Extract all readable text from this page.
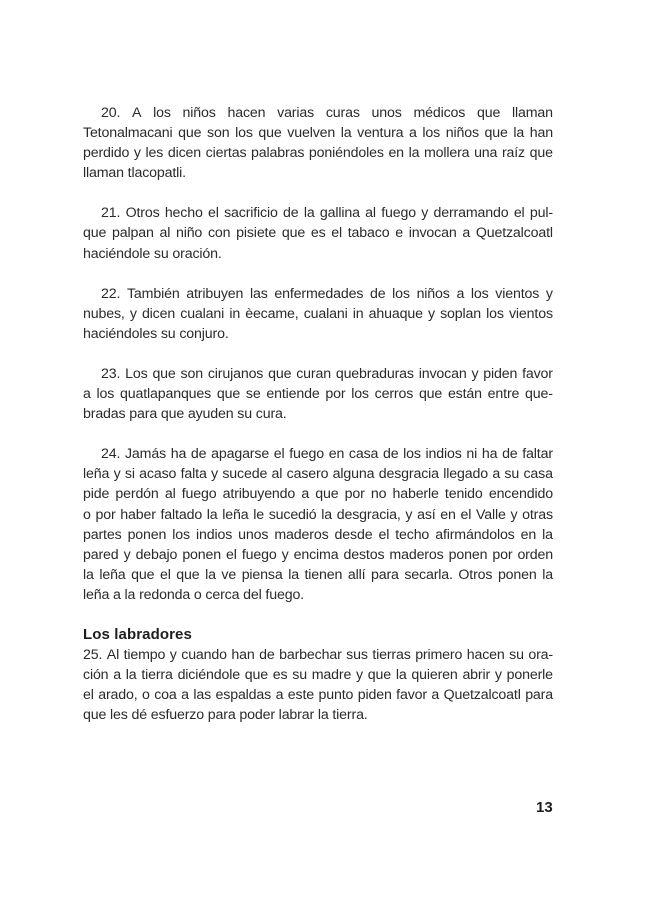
20. A los niños hacen varias curas unos médicos que llaman
Tetonalmacani que son los que vuelven la ventura a los niños que la han
perdido y les dicen ciertas palabras poniéndoles en la mollera una raíz que
llaman tlacopatli.
21. Otros hecho el sacrificio de la gallina al fuego y derramando el pul-
que palpan al niño con pisiete que es el tabaco e invocan a Quetzalcoatl
haciéndole su oración.
22. También atribuyen las enfermedades de los niños a los vientos y
nubes, y dicen cualani in èecame, cualani in ahuaque y soplan los vientos
haciéndoles su conjuro.
23. Los que son cirujanos que curan quebraduras invocan y piden favor
a los quatlapanques que se entiende por los cerros que están entre que-
bradas para que ayuden su cura.
24. Jamás ha de apagarse el fuego en casa de los indios ni ha de faltar
leña y si acaso falta y sucede al casero alguna desgracia llegado a su casa
pide perdón al fuego atribuyendo a que por no haberle tenido encendido
o por haber faltado la leña le sucedió la desgracia, y así en el Valle y otras
partes ponen los indios unos maderos desde el techo afirmándolos en la
pared y debajo ponen el fuego y encima destos maderos ponen por orden
la leña que el que la ve piensa la tienen allí para secarla. Otros ponen la
leña a la redonda o cerca del fuego.
Los labradores
25. Al tiempo y cuando han de barbechar sus tierras primero hacen su ora-
ción a la tierra diciéndole que es su madre y que la quieren abrir y ponerle
el arado, o coa a las espaldas a este punto piden favor a Quetzalcoatl para
que les dé esfuerzo para poder labrar la tierra.
13
